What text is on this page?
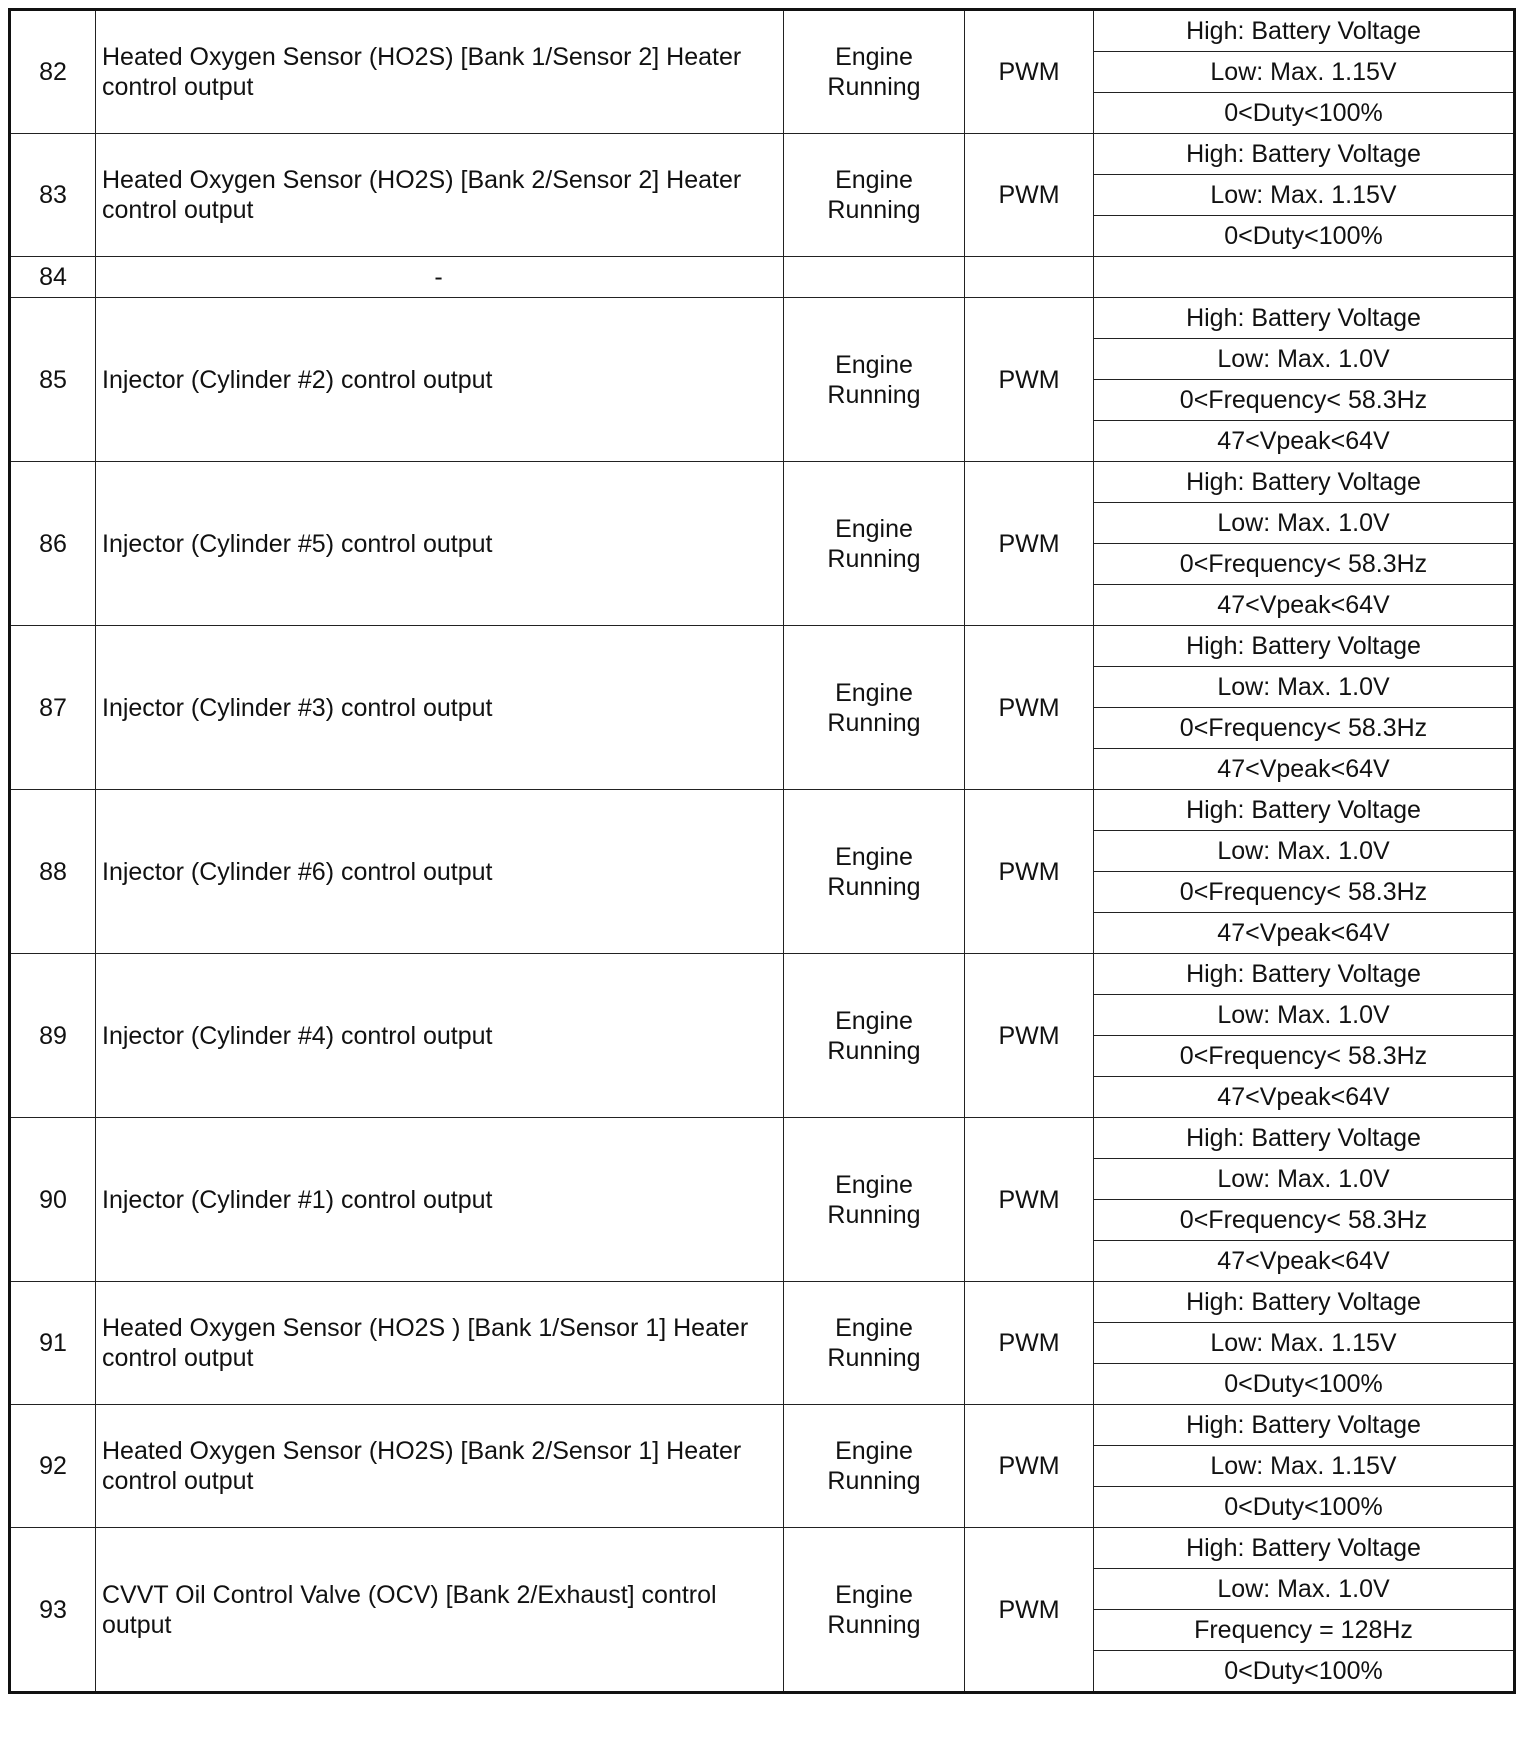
82	Heated Oxygen Sensor (HO2S) [Bank 1/Sensor 2] Heater control output	Engine
Running	PWM	High: Battery Voltage
				Low: Max. 1.15V
				0<Duty<100%
83	Heated Oxygen Sensor (HO2S) [Bank 2/Sensor 2] Heater control output	Engine
Running	PWM	High: Battery Voltage
				Low: Max. 1.15V
				0<Duty<100%
84	-			
85	Injector (Cylinder #2) control output	Engine
Running	PWM	High: Battery Voltage
				Low: Max. 1.0V
				0<Frequency< 58.3Hz
				47<Vpeak<64V
86	Injector (Cylinder #5) control output	Engine
Running	PWM	High: Battery Voltage
				Low: Max. 1.0V
				0<Frequency< 58.3Hz
				47<Vpeak<64V
87	Injector (Cylinder #3) control output	Engine
Running	PWM	High: Battery Voltage
				Low: Max. 1.0V
				0<Frequency< 58.3Hz
				47<Vpeak<64V
88	Injector (Cylinder #6) control output	Engine
Running	PWM	High: Battery Voltage
				Low: Max. 1.0V
				0<Frequency< 58.3Hz
				47<Vpeak<64V
89	Injector (Cylinder #4) control output	Engine
Running	PWM	High: Battery Voltage
				Low: Max. 1.0V
				0<Frequency< 58.3Hz
				47<Vpeak<64V
90	Injector (Cylinder #1) control output	Engine
Running	PWM	High: Battery Voltage
				Low: Max. 1.0V
				0<Frequency< 58.3Hz
				47<Vpeak<64V
91	Heated Oxygen Sensor (HO2S ) [Bank 1/Sensor 1] Heater control output	Engine
Running	PWM	High: Battery Voltage
				Low: Max. 1.15V
				0<Duty<100%
92	Heated Oxygen Sensor (HO2S) [Bank 2/Sensor 1] Heater control output	Engine
Running	PWM	High: Battery Voltage
				Low: Max. 1.15V
				0<Duty<100%
93	CVVT Oil Control Valve (OCV) [Bank 2/Exhaust] control output	Engine
Running	PWM	High: Battery Voltage
				Low: Max. 1.0V
				Frequency = 128Hz
				0<Duty<100%
